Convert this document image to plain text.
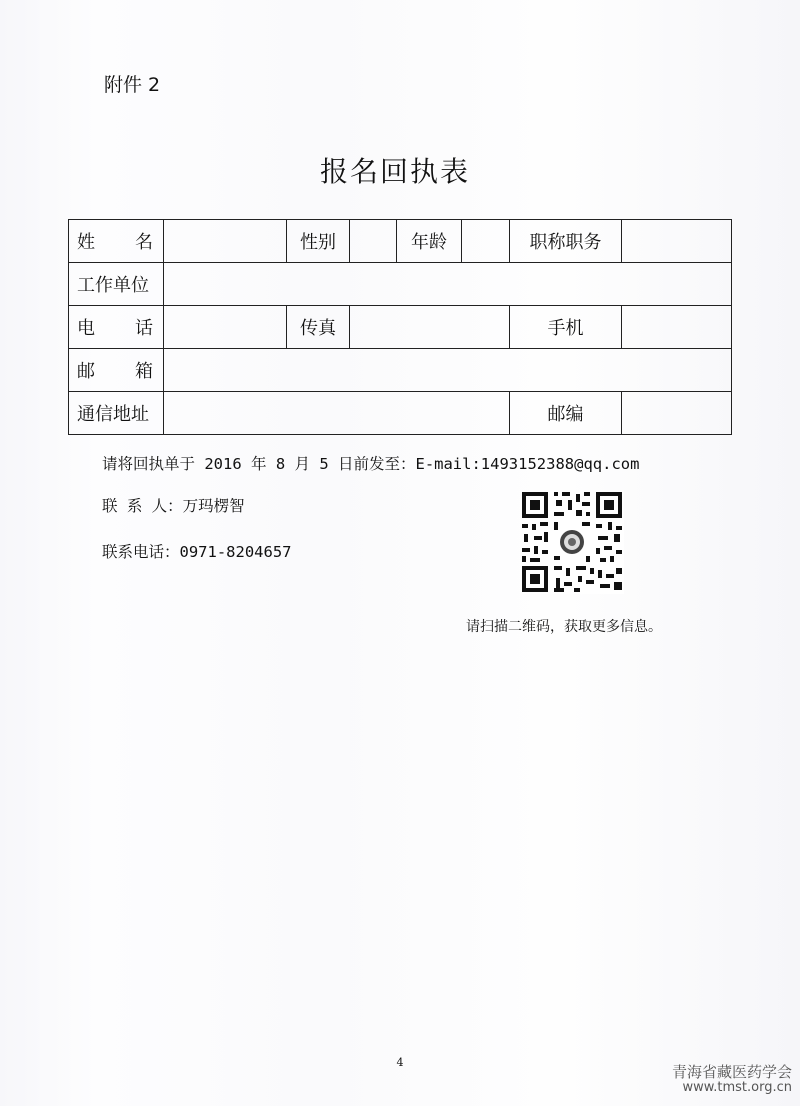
附件 2
报名回执表
姓 名		性别		年龄		职称职务	
工作单位							

电 话		传真				手机	

邮 箱							

通信地址						邮编	
请将回执单于 2016 年 8 月 5 日前发至：E-mail:1493152388@qq.com
联 系 人：万玛楞智
联系电话：0971-8204657
请扫描二维码，获取更多信息。
4
青海省藏医药学会
www.tmst.org.cn
